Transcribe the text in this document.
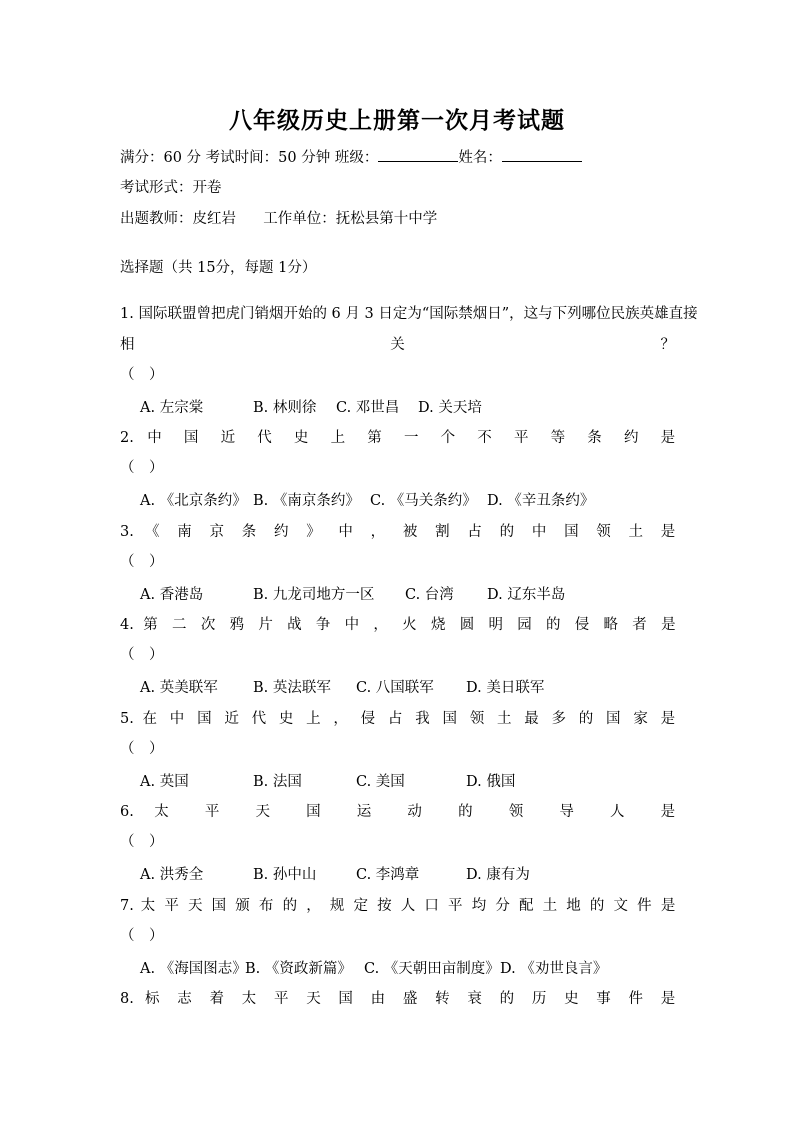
八年级历史上册第一次月考试题
满分：60 分 考试时间：50 分钟 班级：	姓名：
考试形式：开卷
出题教师：皮红岩 工作单位：抚松县第十中学
选择题（共 15分，每题 1分）
1. 国际联盟曾把虎门销烟开始的 6 月 3 日定为“国际禁烟日”，这与下列哪位民族英雄直接
相	关	？
（　）
A. 左宗棠	B. 林则徐 C. 邓世昌 D. 关天培
2. 中 国 近 代 史 上 第 一 个 不 平 等 条 约 是
（　）
A. 《北京条约》 B. 《南京条约》 C. 《马关条约》 D. 《辛丑条约》
3. 《 南 京 条 约 》 中 ， 被 割 占 的 中 国 领 土 是
（　）
A. 香港岛	B. 九龙司地方一区 C. 台湾 D. 辽东半岛
4. 第 二 次 鸦 片 战 争 中 ， 火 烧 圆 明 园 的 侵 略 者 是
（　）
A. 英美联军 B. 英法联军 C. 八国联军 D. 美日联军
5. 在 中 国 近 代 史 上 ， 侵 占 我 国 领 土 最 多 的 国 家 是
（　）
A. 英国	B. 法国	C. 美国	D. 俄国
6. 太 平 天 国 运 动 的 领 导 人 是
（　）
A. 洪秀全	B. 孙中山	C. 李鸿章	D. 康有为
7. 太 平 天 国 颁 布 的 ， 规 定 按 人 口 平 均 分 配 土 地 的 文 件 是
（　）
A. 《海国图志》
B. 《资政新篇》 C. 《天朝田亩制度》 D. 《劝世良言》
8. 标 志 着 太 平 天 国 由 盛 转 衰 的 历 史 事 件 是
